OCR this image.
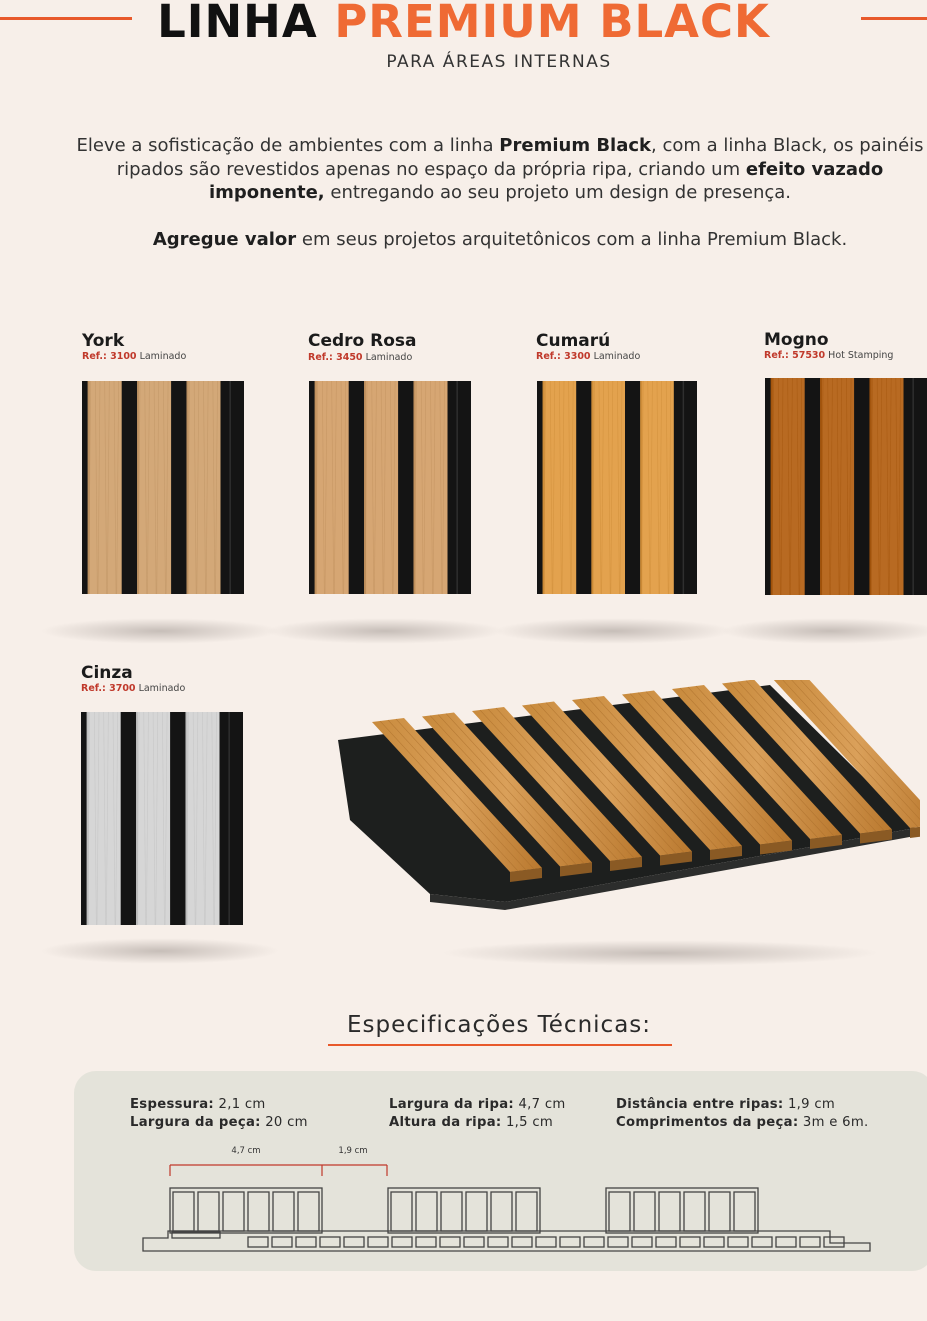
LINHA PREMIUM BLACK
PARA ÁREAS INTERNAS
Eleve a sofisticação de ambientes com a linha Premium Black, com a linha Black, os painéis ripados são revestidos apenas no espaço da própria ripa, criando um efeito vazado imponente, entregando ao seu projeto um design de presença.
Agregue valor em seus projetos arquitetônicos com a linha Premium Black.
York
Ref.: 3100 Laminado
Cedro Rosa
Ref.: 3450 Laminado
Cumarú
Ref.: 3300 Laminado
Mogno
Ref.: 57530 Hot Stamping
Cinza
Ref.: 3700 Laminado
Especificações Técnicas:
Espessura: 2,1 cm
Largura da peça: 20 cm
Largura da ripa: 4,7 cm
Altura da ripa: 1,5 cm
Distância entre ripas: 1,9 cm
Comprimentos da peça: 3m e 6m.
4,7 cm	1,9 cm
